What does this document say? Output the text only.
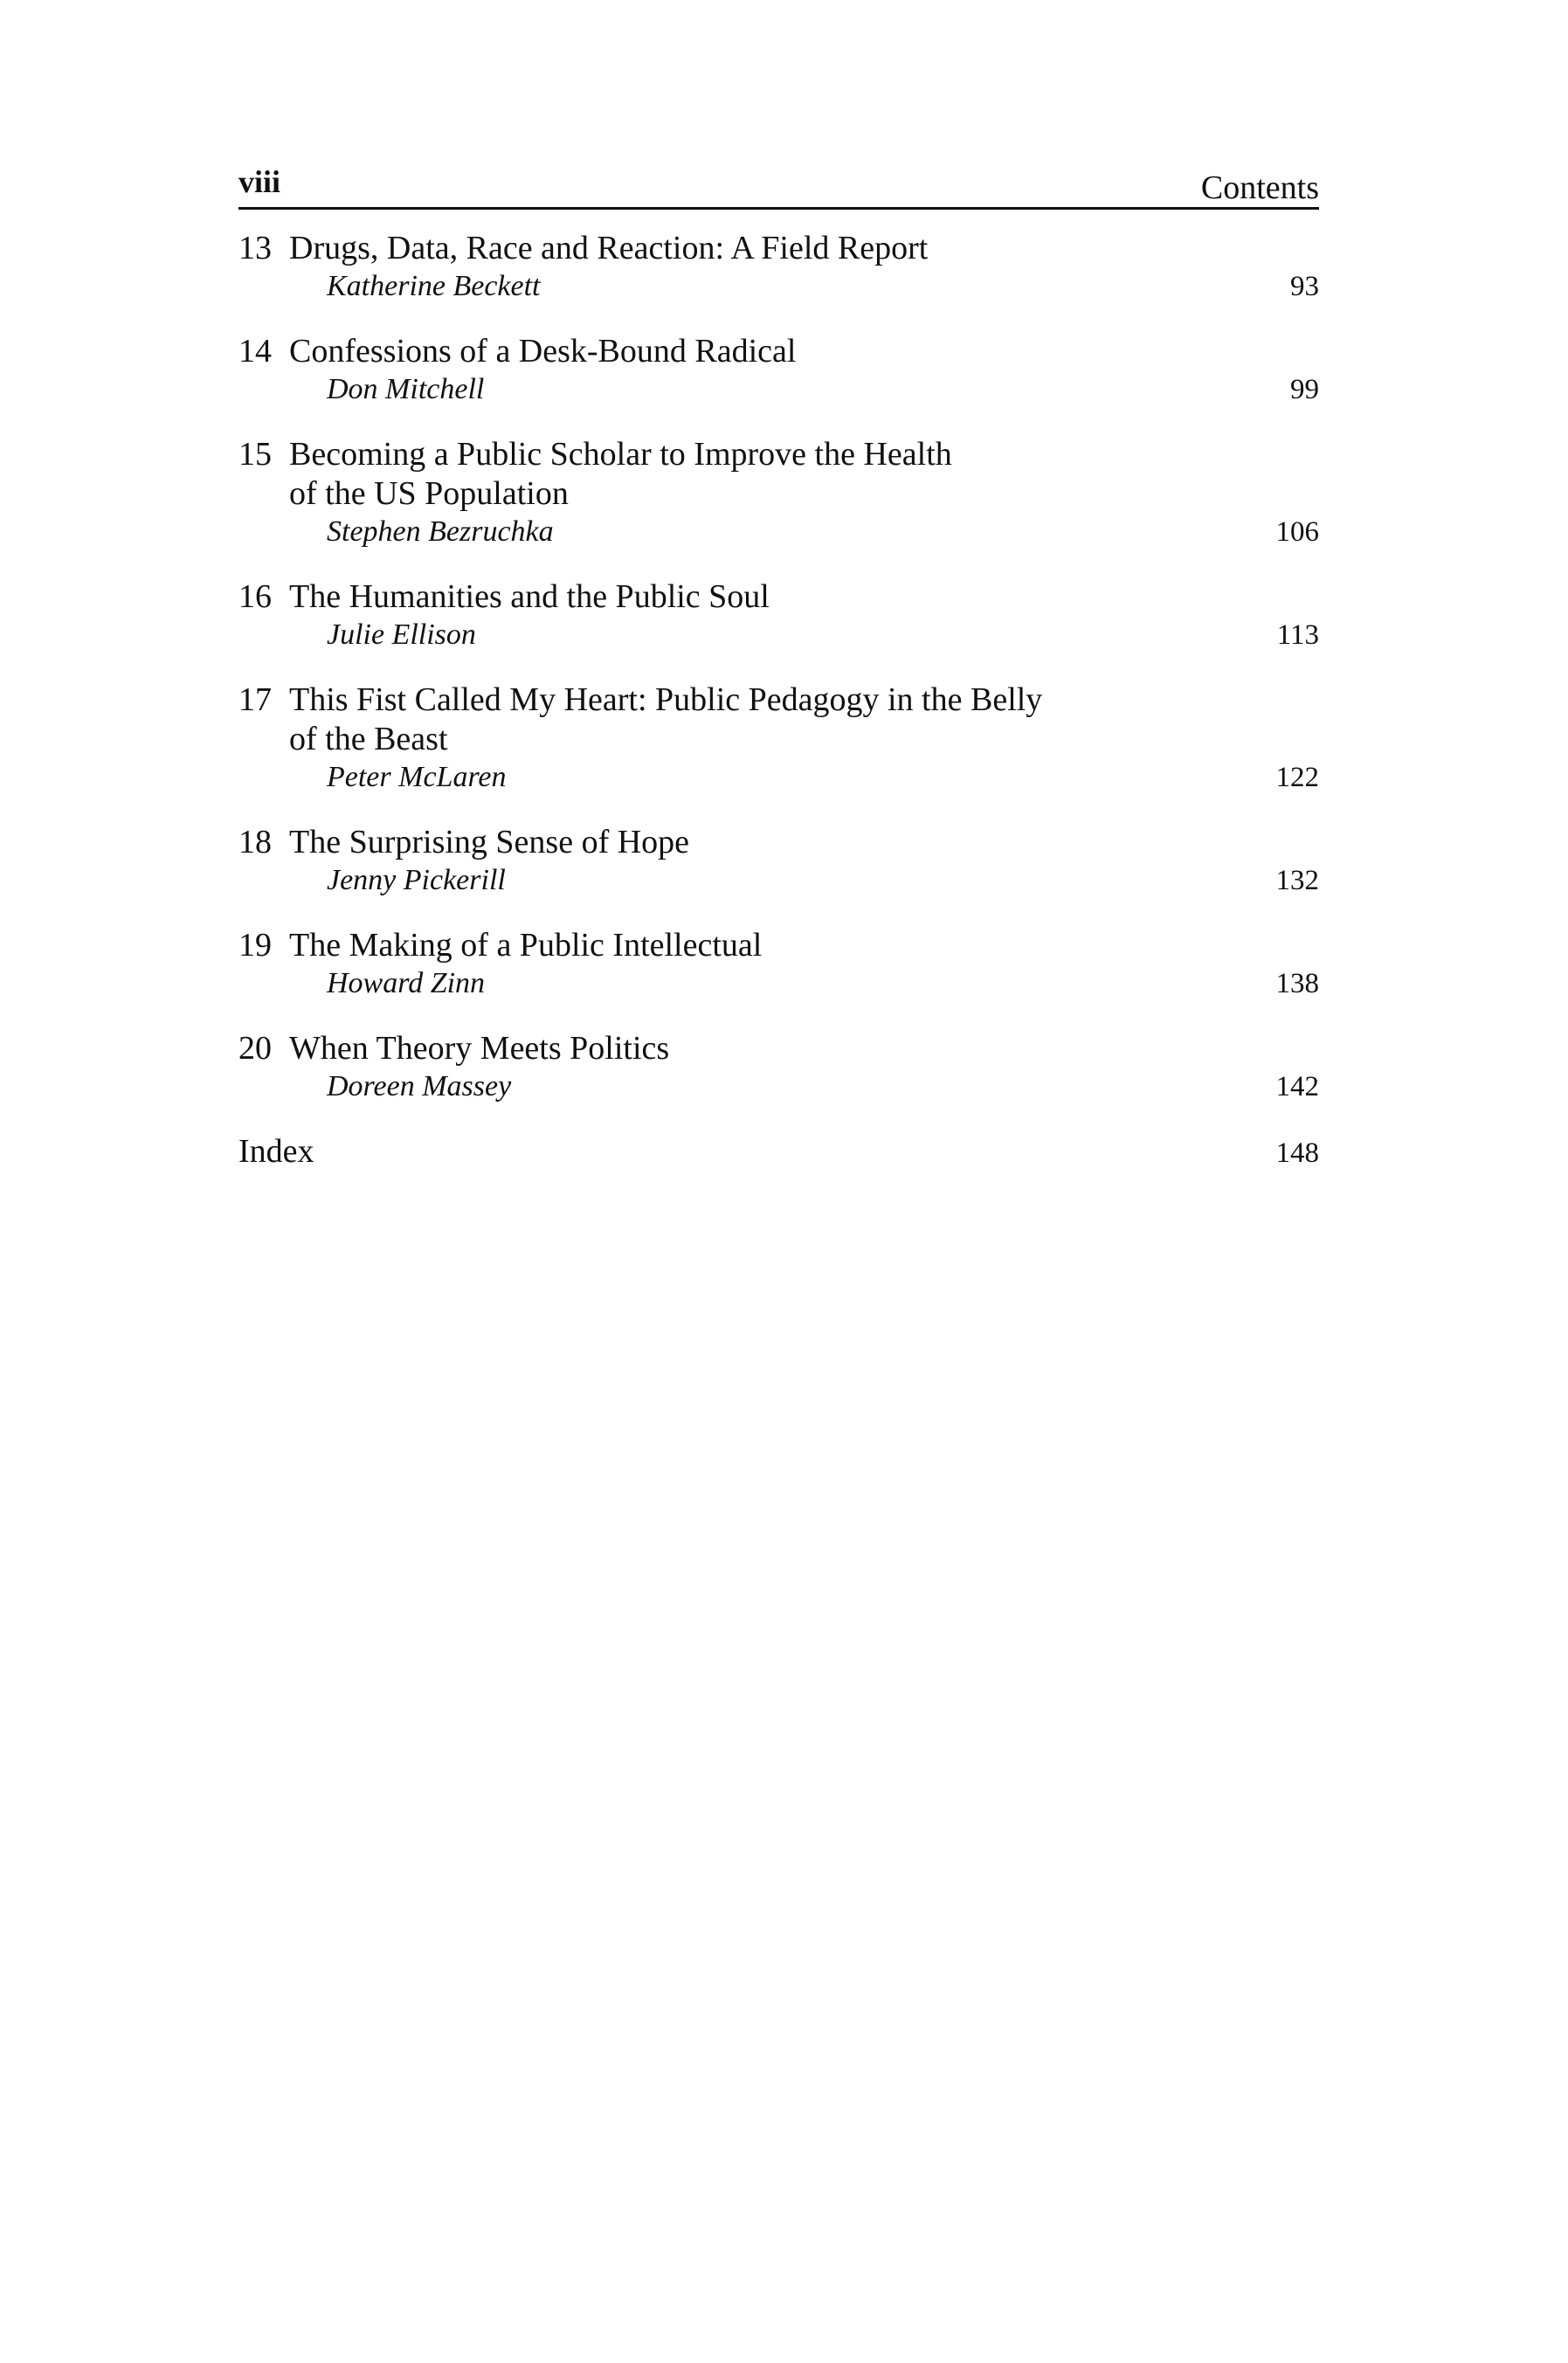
viii	Contents
13 Drugs, Data, Race and Reaction: A Field Report
Katherine Beckett	93
14 Confessions of a Desk-Bound Radical
Don Mitchell	99
15 Becoming a Public Scholar to Improve the Health
of the US Population
Stephen Bezruchka	106
16 The Humanities and the Public Soul
Julie Ellison	113
17 This Fist Called My Heart: Public Pedagogy in the Belly
of the Beast
Peter McLaren	122
18 The Surprising Sense of Hope
Jenny Pickerill	132
19 The Making of a Public Intellectual
Howard Zinn	138
20 When Theory Meets Politics
Doreen Massey	142
Index	148
